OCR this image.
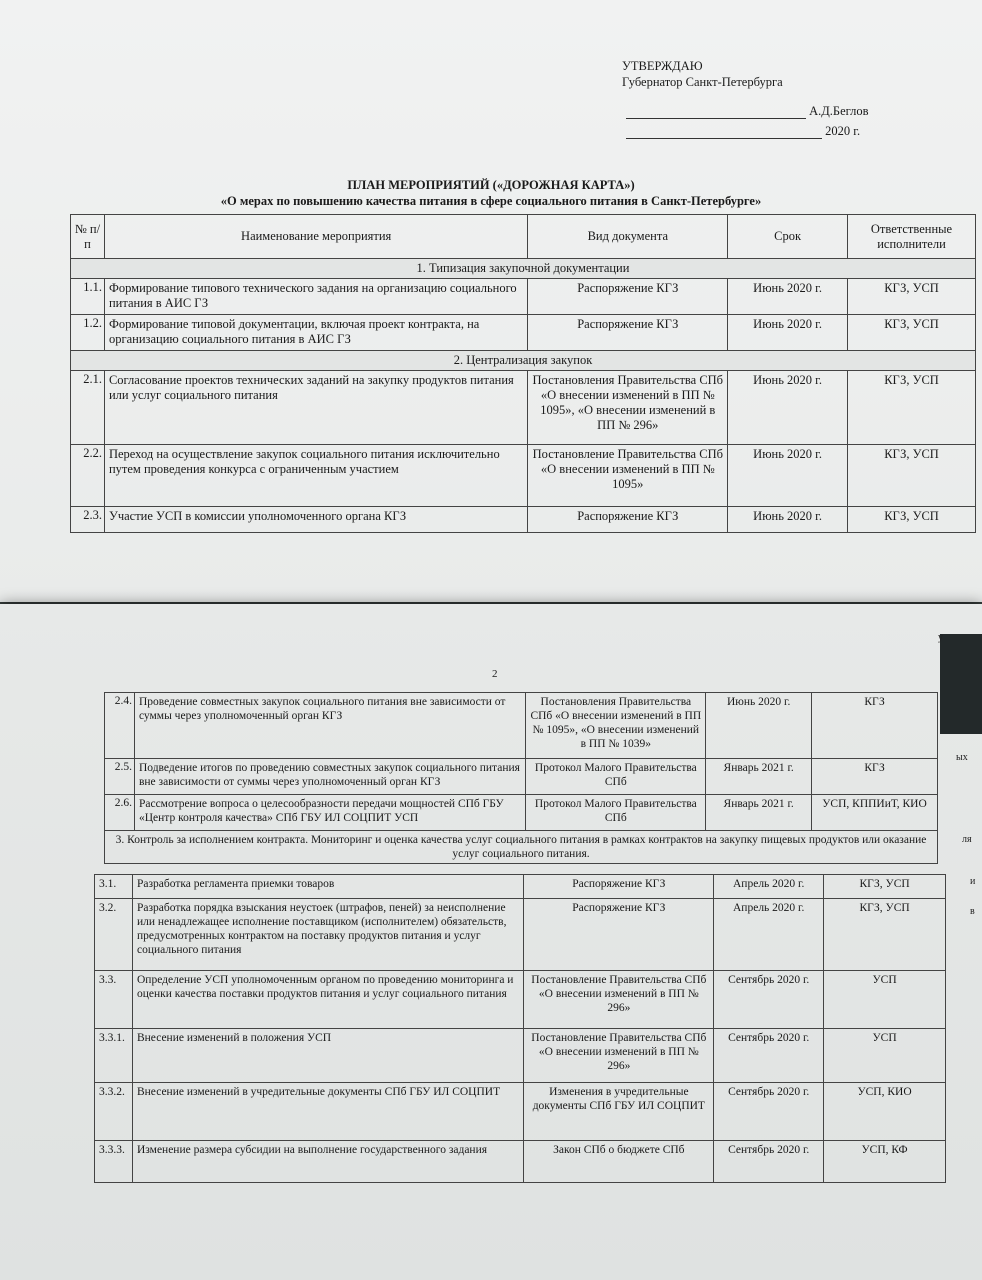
УТВЕРЖДАЮ
Губернатор Санкт-Петербурга
А.Д.Беглов
2020 г.
ПЛАН МЕРОПРИЯТИЙ («ДОРОЖНАЯ КАРТА»)
«О мерах по повышению качества питания в сфере социального питания в Санкт-Петербурге»
№ п/п	Наименование мероприятия	Вид документа	Срок	Ответственные исполнители
1. Типизация закупочной документации				
1.1.	Формирование типового технического задания на организацию социального питания в АИС ГЗ	Распоряжение КГЗ	Июнь 2020 г.	КГЗ, УСП
1.2.	Формирование типовой документации, включая проект контракта, на организацию социального питания в АИС ГЗ	Распоряжение КГЗ	Июнь 2020 г.	КГЗ, УСП
2. Централизация закупок				
2.1.	Согласование проектов технических заданий на закупку продуктов питания или услуг социального питания	Постановления Правительства СПб «О внесении изменений в ПП № 1095», «О внесении изменений в ПП № 296»	Июнь 2020 г.	КГЗ, УСП
2.2.	Переход на осуществление закупок социального питания исключительно путем проведения конкурса с ограниченным участием	Постановление Правительства СПб «О внесении изменений в ПП № 1095»	Июнь 2020 г.	КГЗ, УСП
2.3.	Участие УСП в комиссии уполномоченного органа КГЗ	Распоряжение КГЗ	Июнь 2020 г.	КГЗ, УСП
у
ых
ля
и
в
2
2.4.	Проведение совместных закупок социального питания вне зависимости от суммы через уполномоченный орган КГЗ	Постановления Правительства СПб «О внесении изменений в ПП № 1095», «О внесении изменений в ПП № 1039»	Июнь 2020 г.	КГЗ
2.5.	Подведение итогов по проведению совместных закупок социального питания вне зависимости от суммы через уполномоченный орган КГЗ	Протокол Малого Правительства СПб	Январь 2021 г.	КГЗ
2.6.	Рассмотрение вопроса о целесообразности передачи мощностей СПб ГБУ «Центр контроля качества» СПб ГБУ ИЛ СОЦПИТ УСП	Протокол Малого Правительства СПб	Январь 2021 г.	УСП, КППИиТ, КИО
3. Контроль за исполнением контракта. Мониторинг и оценка качества услуг социального питания в рамках контрактов на закупку пищевых продуктов или оказание услуг социального питания.				
3.1.	Разработка регламента приемки товаров	Распоряжение КГЗ	Апрель 2020 г.	КГЗ, УСП
3.2.	Разработка порядка взыскания неустоек (штрафов, пеней) за неисполнение или ненадлежащее исполнение поставщиком (исполнителем) обязательств, предусмотренных контрактом на поставку продуктов питания и услуг социального питания	Распоряжение КГЗ	Апрель 2020 г.	КГЗ, УСП
3.3.	Определение УСП уполномоченным органом по проведению мониторинга и оценки качества поставки продуктов питания и услуг социального питания	Постановление Правительства СПб «О внесении изменений в ПП № 296»	Сентябрь 2020 г.	УСП
3.3.1.	Внесение изменений в положения УСП	Постановление Правительства СПб «О внесении изменений в ПП № 296»	Сентябрь 2020 г.	УСП
3.3.2.	Внесение изменений в учредительные документы СПб ГБУ ИЛ СОЦПИТ	Изменения в учредительные документы СПб ГБУ ИЛ СОЦПИТ	Сентябрь 2020 г.	УСП, КИО
3.3.3.	Изменение размера субсидии на выполнение государственного задания	Закон СПб о бюджете СПб	Сентябрь 2020 г.	УСП, КФ
